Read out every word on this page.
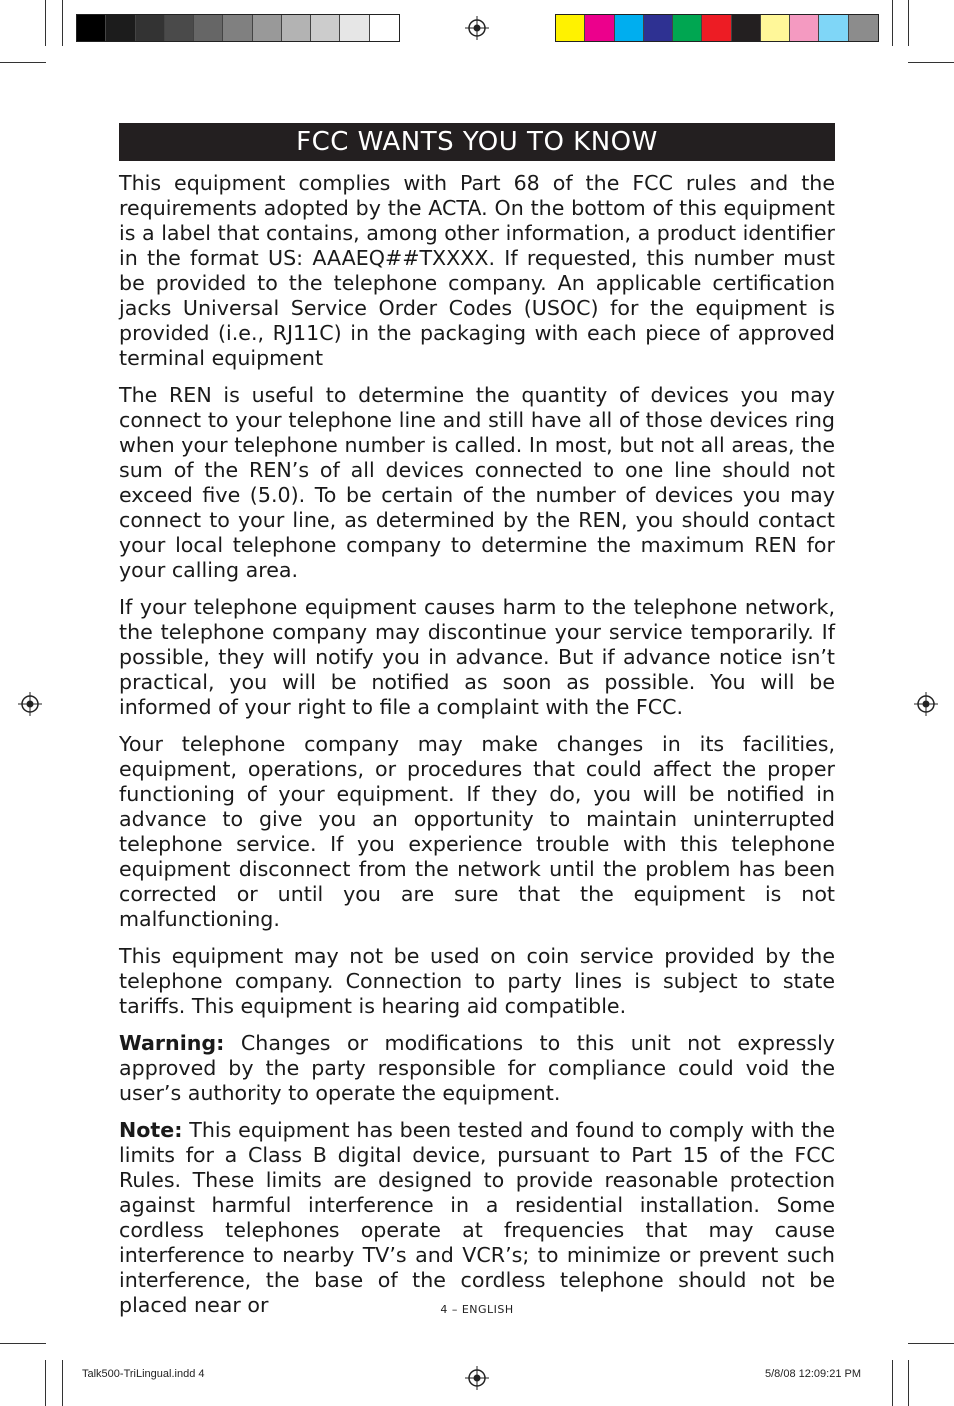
FCC WANTS YOU TO KNOW

This equipment complies with Part 68 of the FCC rules and the requirements adopted by the ACTA. On the bottom of this equipment is a label that contains, among other information, a product identifier in the format US: AAAEQ##TXXXX. If requested, this number must be provided to the telephone company. An applicable certification jacks Universal Service Order Codes (USOC) for the equipment is provided (i.e., RJ11C) in the packaging with each piece of approved terminal equipment

The REN is useful to determine the quantity of devices you may connect to your telephone line and still have all of those devices ring when your telephone number is called. In most, but not all areas, the sum of the REN’s of all devices connected to one line should not exceed five (5.0). To be certain of the number of devices you may connect to your line, as determined by the REN, you should contact your local telephone company to determine the maximum REN for your calling area.

If your telephone equipment causes harm to the telephone network, the telephone company may discontinue your service temporarily. If possible, they will notify you in advance. But if advance notice isn’t practical, you will be notified as soon as possible. You will be informed of your right to file a complaint with the FCC.

Your telephone company may make changes in its facilities, equipment, operations, or procedures that could affect the proper functioning of your equipment. If they do, you will be notified in advance to give you an opportunity to maintain uninterrupted telephone service. If you experience trouble with this telephone equipment disconnect from the network until the problem has been corrected or until you are sure that the equipment is not malfunctioning.

This equipment may not be used on coin service provided by the telephone company. Connection to party lines is subject to state tariffs. This equipment is hearing aid compatible.

Warning: Changes or modifications to this unit not expressly approved by the party responsible for compliance could void the user’s authority to operate the equipment.

Note: This equipment has been tested and found to comply with the limits for a Class B digital device, pursuant to Part 15 of the FCC Rules. These limits are designed to provide reasonable protection against harmful interference in a residential installation. Some cordless telephones operate at frequencies that may cause interference to nearby TV’s and VCR’s; to minimize or prevent such interference, the base of the cordless telephone should not be placed near or	4 – ENGLISH
Talk500-TriLingual.indd 4	5/8/08 12:09:21 PM
